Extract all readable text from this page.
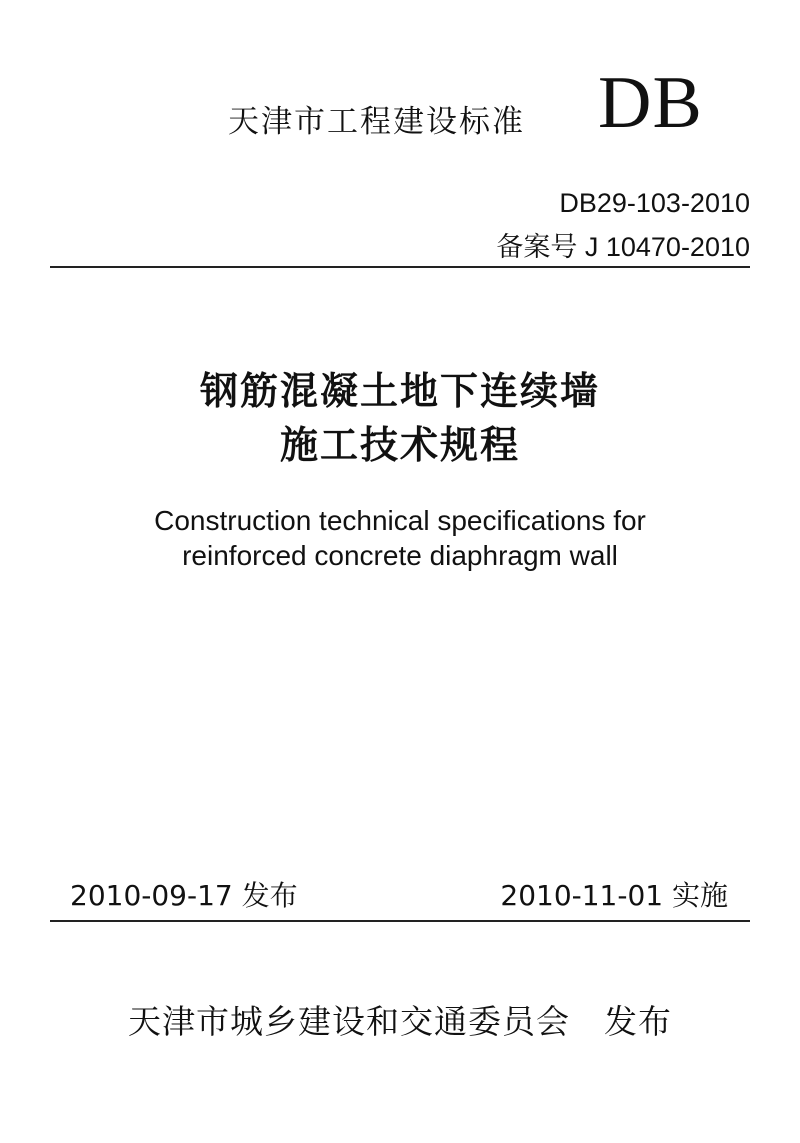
天津市工程建设标准 DB
DB29-103-2010
备案号 J 10470-2010
钢筋混凝土地下连续墙
施工技术规程
Construction technical specifications for
reinforced concrete diaphragm wall
2010-09-17 发布	2010-11-01 实施
天津市城乡建设和交通委员会　发布
